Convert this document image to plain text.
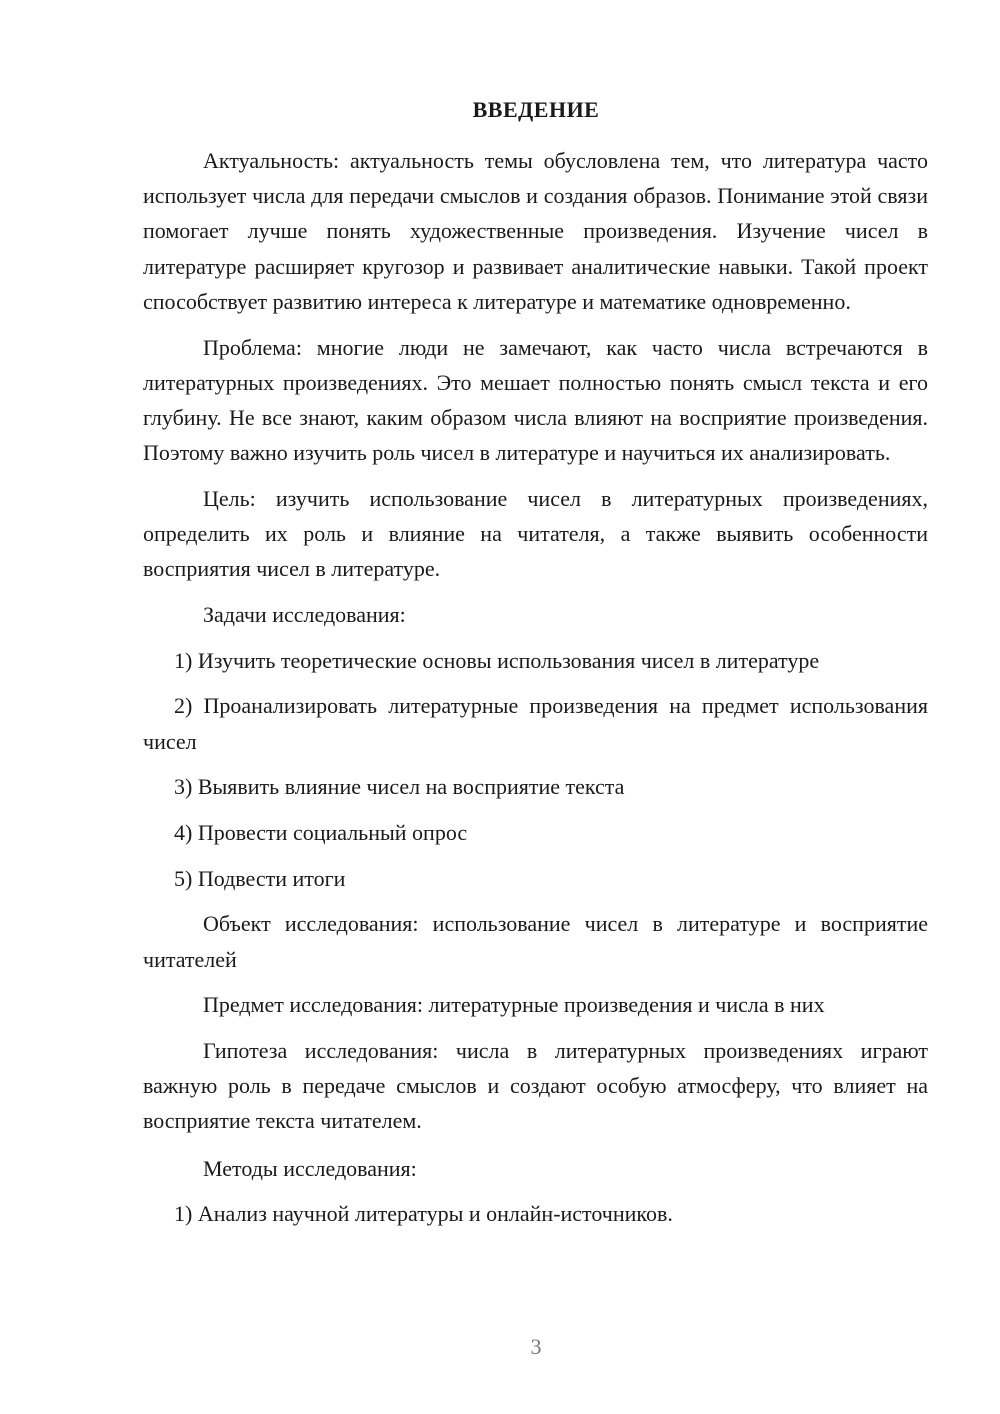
ВВЕДЕНИЕ

Актуальность: актуальность темы обусловлена тем, что литература часто использует числа для передачи смыслов и создания образов. Понимание этой связи помогает лучше понять художественные произведения. Изучение чисел в литературе расширяет кругозор и развивает аналитические навыки. Такой проект способствует развитию интереса к литературе и математике одновременно.

Проблема: многие люди не замечают, как часто числа встречаются в литературных произведениях. Это мешает полностью понять смысл текста и его глубину. Не все знают, каким образом числа влияют на восприятие произведения. Поэтому важно изучить роль чисел в литературе и научиться их анализировать.

Цель: изучить использование чисел в литературных произведениях, определить их роль и влияние на читателя, а также выявить особенности восприятия чисел в литературе.

Задачи исследования:

1) Изучить теоретические основы использования чисел в литературе

2) Проанализировать литературные произведения на предмет использования чисел

3) Выявить влияние чисел на восприятие текста

4) Провести социальный опрос

5) Подвести итоги

Объект исследования: использование чисел в литературе и восприятие читателей

Предмет исследования: литературные произведения и числа в них

Гипотеза исследования: числа в литературных произведениях играют важную роль в передаче смыслов и создают особую атмосферу, что влияет на восприятие текста читателем.

Методы исследования:

1) Анализ научной литературы и онлайн-источников.

3
